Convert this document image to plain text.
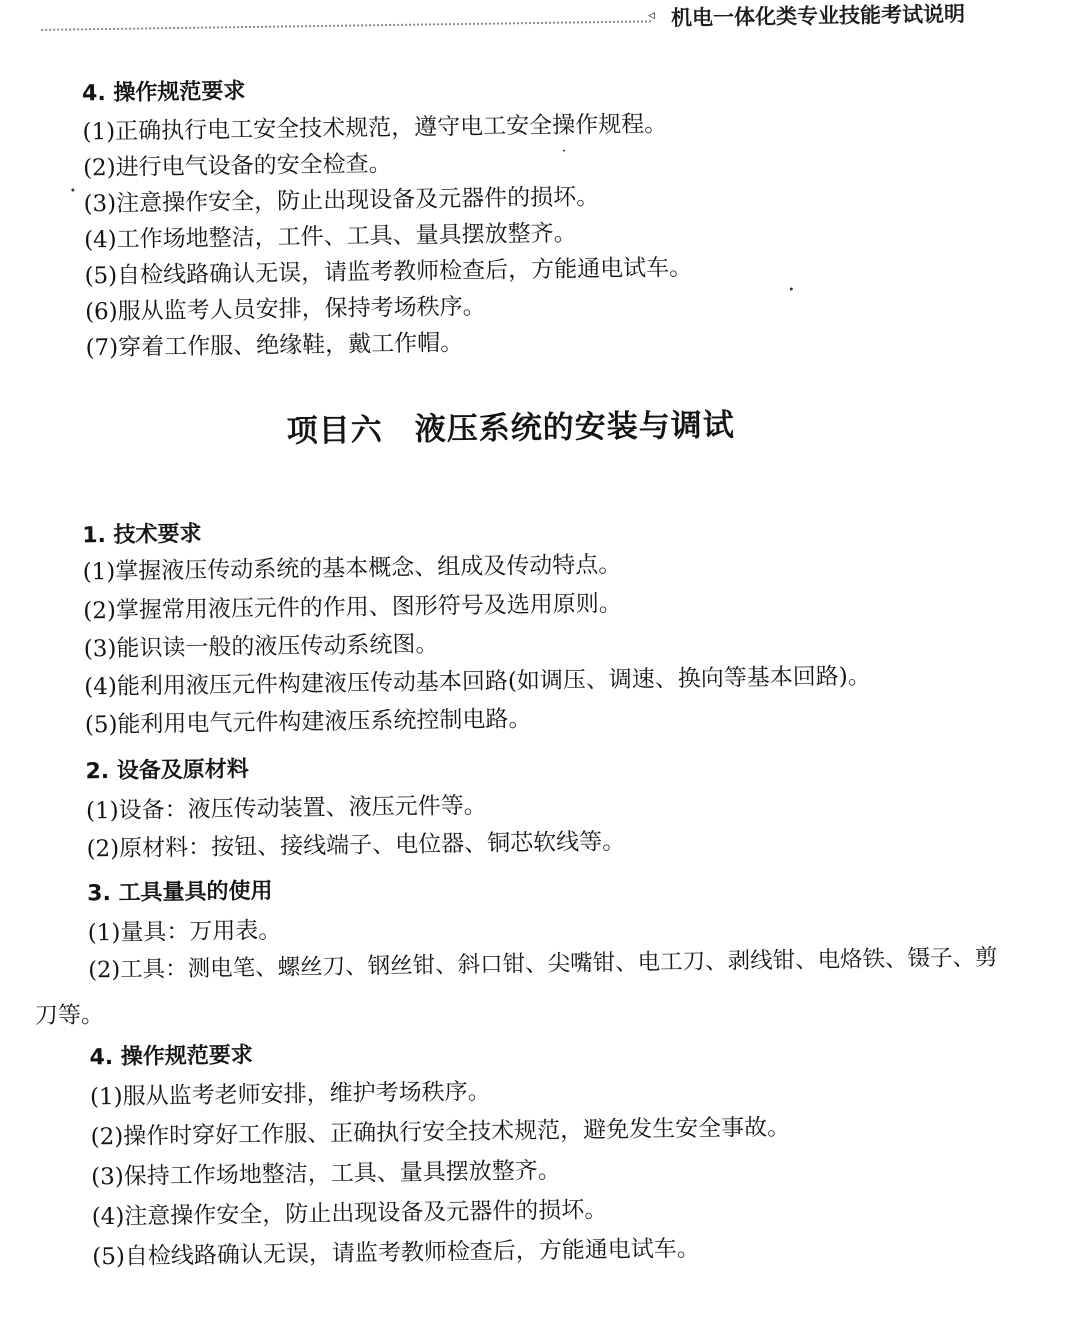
◃ 机电一体化类专业技能考试说明
4. 操作规范要求
(1)正确执行电工安全技术规范，遵守电工安全操作规程。
(2)进行电气设备的安全检查。
(3)注意操作安全，防止出现设备及元器件的损坏。
(4)工作场地整洁，工件、工具、量具摆放整齐。
(5)自检线路确认无误，请监考教师检查后，方能通电试车。
(6)服从监考人员安排，保持考场秩序。
(7)穿着工作服、绝缘鞋，戴工作帽。
项目六　液压系统的安装与调试
1. 技术要求
(1)掌握液压传动系统的基本概念、组成及传动特点。
(2)掌握常用液压元件的作用、图形符号及选用原则。
(3)能识读一般的液压传动系统图。
(4)能利用液压元件构建液压传动基本回路(如调压、调速、换向等基本回路)。
(5)能利用电气元件构建液压系统控制电路。
2. 设备及原材料
(1)设备：液压传动装置、液压元件等。
(2)原材料：按钮、接线端子、电位器、铜芯软线等。
3. 工具量具的使用
(1)量具：万用表。
(2)工具：测电笔、螺丝刀、钢丝钳、斜口钳、尖嘴钳、电工刀、剥线钳、电烙铁、镊子、剪
刀等。
4. 操作规范要求
(1)服从监考老师安排，维护考场秩序。
(2)操作时穿好工作服、正确执行安全技术规范，避免发生安全事故。
(3)保持工作场地整洁，工具、量具摆放整齐。
(4)注意操作安全，防止出现设备及元器件的损坏。
(5)自检线路确认无误，请监考教师检查后，方能通电试车。
